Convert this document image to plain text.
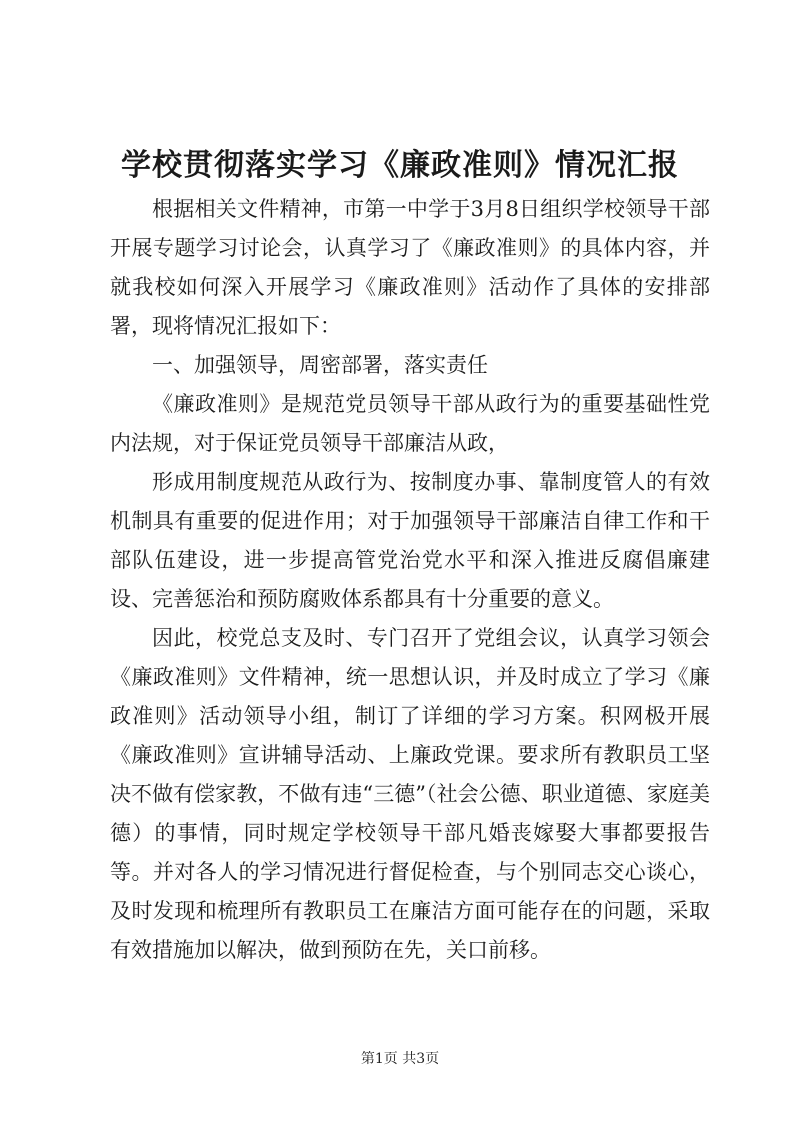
学校贯彻落实学习《廉政准则》情况汇报

根据相关文件精神，市第一中学于3月8日组织学校领导干部开展专题学习讨论会，认真学习了《廉政准则》的具体内容，并就我校如何深入开展学习《廉政准则》活动作了具体的安排部署，现将情况汇报如下：

一、加强领导，周密部署，落实责任

《廉政准则》是规范党员领导干部从政行为的重要基础性党内法规，对于保证党员领导干部廉洁从政，

形成用制度规范从政行为、按制度办事、靠制度管人的有效机制具有重要的促进作用；对于加强领导干部廉洁自律工作和干部队伍建设，进一步提高管党治党水平和深入推进反腐倡廉建设、完善惩治和预防腐败体系都具有十分重要的意义。

因此，校党总支及时、专门召开了党组会议，认真学习领会《廉政准则》文件精神，统一思想认识，并及时成立了学习《廉政准则》活动领导小组，制订了详细的学习方案。积网极开展《廉政准则》宣讲辅导活动、上廉政党课。要求所有教职员工坚决不做有偿家教，不做有违“三德”（社会公德、职业道德、家庭美德）的事情，同时规定学校领导干部凡婚丧嫁娶大事都要报告等。并对各人的学习情况进行督促检查，与个别同志交心谈心，及时发现和梳理所有教职员工在廉洁方面可能存在的问题，采取有效措施加以解决，做到预防在先，关口前移。

第1页 共3页
